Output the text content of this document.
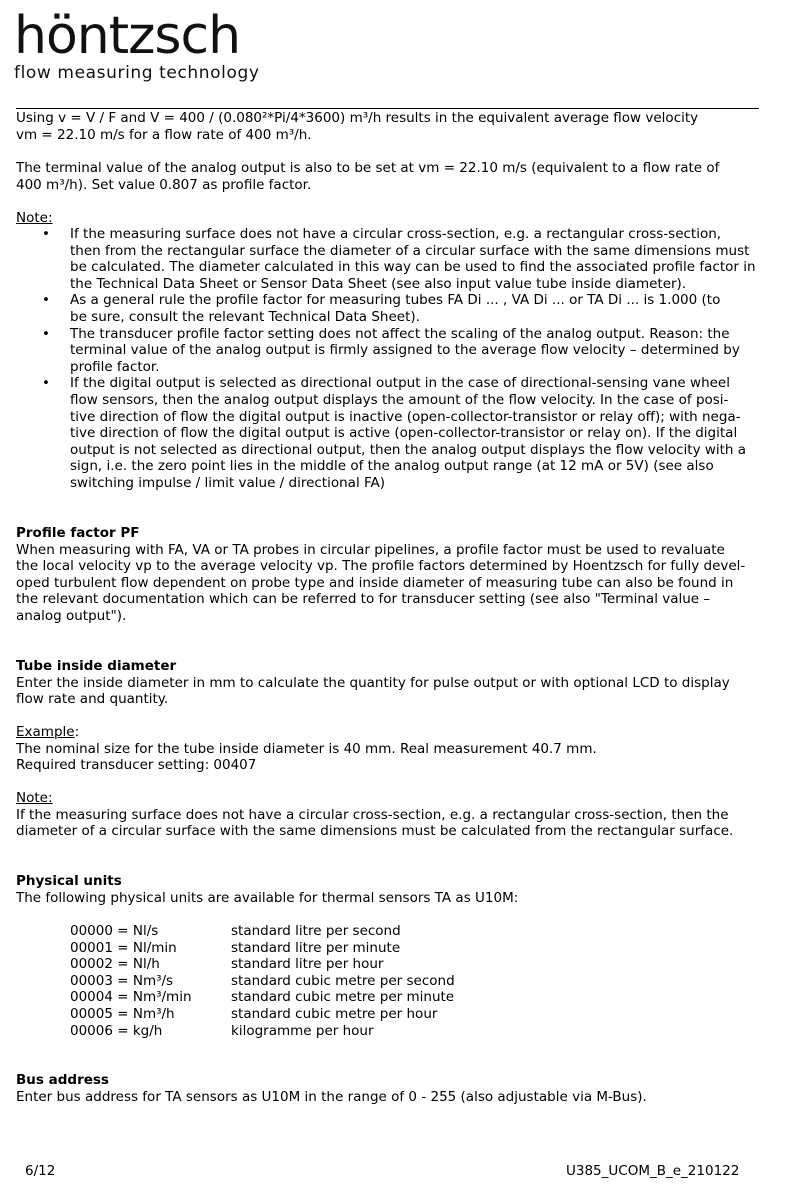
höntzsch
flow measuring technology
Using v = V / F and V = 400 / (0.080²*Pi/4*3600) m³/h results in the equivalent average flow velocity
vm = 22.10 m/s for a flow rate of 400 m³/h.
The terminal value of the analog output is also to be set at vm = 22.10 m/s (equivalent to a flow rate of
400 m³/h). Set value 0.807 as profile factor.
Note:
• If the measuring surface does not have a circular cross-section, e.g. a rectangular cross-section,
then from the rectangular surface the diameter of a circular surface with the same dimensions must
be calculated. The diameter calculated in this way can be used to find the associated profile factor in
the Technical Data Sheet or Sensor Data Sheet (see also input value tube inside diameter).
• As a general rule the profile factor for measuring tubes FA Di ... , VA Di ... or TA Di ... is 1.000 (to
be sure, consult the relevant Technical Data Sheet).
• The transducer profile factor setting does not affect the scaling of the analog output. Reason: the
terminal value of the analog output is firmly assigned to the average flow velocity – determined by
profile factor.
• If the digital output is selected as directional output in the case of directional-sensing vane wheel
flow sensors, then the analog output displays the amount of the flow velocity. In the case of posi-
tive direction of flow the digital output is inactive (open-collector-transistor or relay off); with nega-
tive direction of flow the digital output is active (open-collector-transistor or relay on). If the digital
output is not selected as directional output, then the analog output displays the flow velocity with a
sign, i.e. the zero point lies in the middle of the analog output range (at 12 mA or 5V) (see also
switching impulse / limit value / directional FA)
Profile factor PF
When measuring with FA, VA or TA probes in circular pipelines, a profile factor must be used to revaluate
the local velocity vp to the average velocity vp. The profile factors determined by Hoentzsch for fully devel-
oped turbulent flow dependent on probe type and inside diameter of measuring tube can also be found in
the relevant documentation which can be referred to for transducer setting (see also "Terminal value –
analog output").
Tube inside diameter
Enter the inside diameter in mm to calculate the quantity for pulse output or with optional LCD to display
flow rate and quantity.
Example:
The nominal size for the tube inside diameter is 40 mm. Real measurement 40.7 mm.
Required transducer setting: 00407
Note:
If the measuring surface does not have a circular cross-section, e.g. a rectangular cross-section, then the
diameter of a circular surface with the same dimensions must be calculated from the rectangular surface.
Physical units
The following physical units are available for thermal sensors TA as U10M:
00000 = Nl/s	standard litre per second
00001 = Nl/min	standard litre per minute
00002 = Nl/h	standard litre per hour
00003 = Nm³/s	standard cubic metre per second
00004 = Nm³/min	standard cubic metre per minute
00005 = Nm³/h	standard cubic metre per hour
00006 = kg/h	kilogramme per hour
Bus address
Enter bus address for TA sensors as U10M in the range of 0 - 255 (also adjustable via M-Bus).
6/12	U385_UCOM_B_e_210122
